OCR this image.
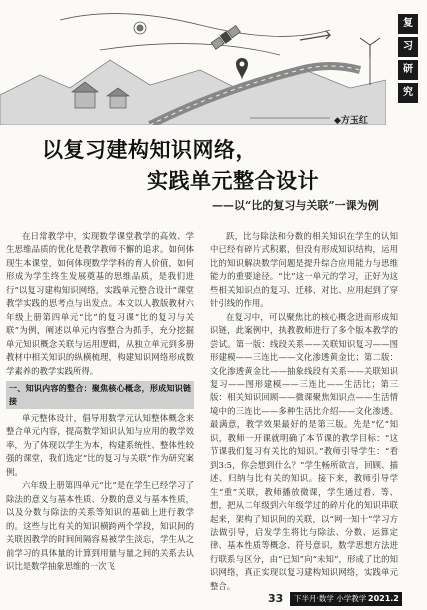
复
习
研
究
◆方玉红
以复习建构知识网络，
实践单元整合设计
——以“比的复习与关联”一课为例

在日常教学中，实现数学课堂教学的高效、学生思维品质的优化是教学教师不懈的追求。如何体现生本课堂，如何体现数学学科的育人价值，如何形成为学生终生发展奠基的思维品质，是我们进行“以复习建构知识网络，实践单元整合设计”课堂教学实践的思考点与出发点。本文以人教版教材六年级上册第四单元“比”的复习课“比的复习与关联”为例，阐述以单元内容整合为抓手，充分挖掘单元知识概念关联与运用逻辑，从独立单元到多册教材中相关知识的纵横梳理，构建知识网络形成数学素养的教学实践所得。

一、知识内容的整合：聚焦核心概念，形成知识链接

单元整体设计，倡导用数学元认知整体概念来整合单元内容，提高数学知识认知与应用的教学效率，为了体现以学生为本，构建系统性、整体性较强的课堂，我们选定“比的复习与关联”作为研究案例。

六年级上册第四单元“比”是在学生已经学习了除法的意义与基本性质、分数的意义与基本性质，以及分数与除法的关系等知识的基础上进行教学的。这些与比有关的知识横跨两个学段，知识间的关联因教学的时间间隔容易被学生淡忘，学生从之前学习的具体量的计算到用量与量之间的关系去认识比是数学抽象思维的一次飞

跃，比与除法和分数的相关知识在学生的认知中已经有碎片式积累，但没有形成知识结构，运用比的知识解决数学问题是提升综合应用能力与思维能力的重要途径。“比”这一单元的学习，正好为这些相关知识点的复习、迁移、对比、应用起到了穿针引线的作用。

在复习中，可以聚焦比的核心概念进而形成知识链，此案例中，执教教师进行了多个版本教学的尝试。第一版：线段关系——关联知识复习——图形建模——三连比——文化渗透黄金比；第二版：文化渗透黄金比——抽象线段有关系——关联知识复习——图形建模——三连比——生活比；第三版：相关知识回顾——微课聚焦知识点——生活情境中的三连比——多种生活比介绍——文化渗透。最满意，教学效果最好的是第三版。先是“忆”知识，教师一开课就明确了本节课的教学目标：“这节课我们复习有关比的知识。”教师引导学生：“看到3:5，你会想到什么？”学生畅所欲言，回顾、描述、归纳与比有关的知识。接下来，教师引导学生“重”关联，教师播放微课，学生通过看、等、想，把从二年级到六年级学过的碎片化的知识串联起来，架构了知识间的关联，以“网一知十”学习方法做引导，启发学生将比与除法、分数、运算定律、基本性质等概念、符号意识，数学思想方法进行联系与区分，由“已知”向“未知”，形成了比的知识网络，真正实现以复习建构知识网络，实践单元整合。

33	下半月·数学 小学教学 2021.2
